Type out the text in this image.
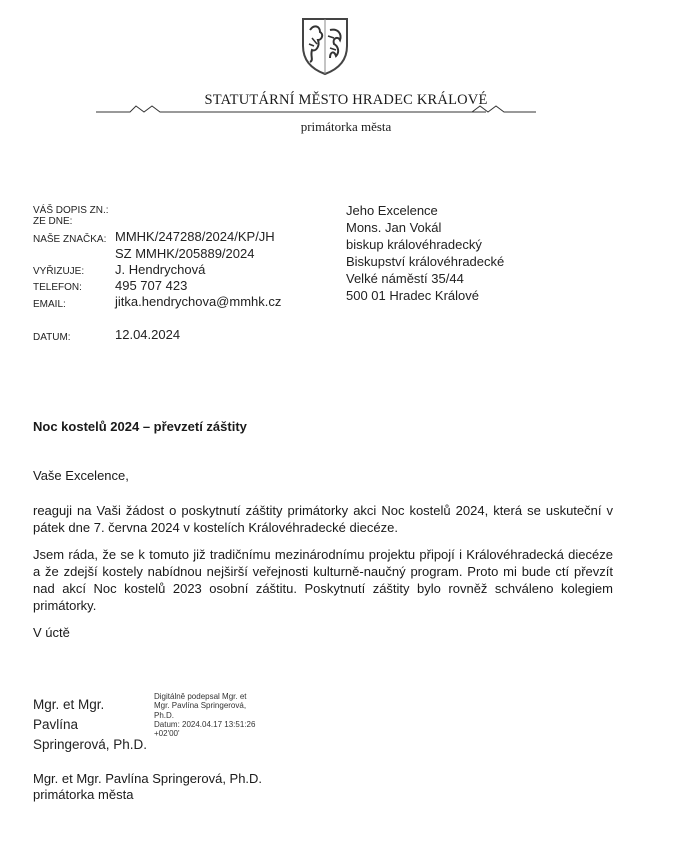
STATUTÁRNÍ MĚSTO HRADEC KRÁLOVÉ
primátorka města
VÁŠ DOPIS ZN.:
ZE DNE:
NAŠE ZNAČKA: MMHK/247288/2024/KP/JH
SZ MMHK/205889/2024
VYŘIZUJE: J. Hendrychová
TELEFON:	495 707 423
EMAIL:	jitka.hendrychova@mmhk.cz
DATUM:	12.04.2024
Jeho Excelence
Mons. Jan Vokál
biskup královéhradecký
Biskupství královéhradecké
Velké náměstí 35/44
500 01 Hradec Králové
Noc kostelů 2024 – převzetí záštity
Vaše Excelence,
reaguji na Vaši žádost o poskytnutí záštity primátorky akci Noc kostelů 2024, která se uskuteční v pátek dne 7. června 2024 v kostelích Královéhradecké diecéze.
Jsem ráda, že se k tomuto již tradičnímu mezinárodnímu projektu připojí i Královéhradecká diecéze a že zdejší kostely nabídnou nejširší veřejnosti kulturně-naučný program. Proto mi bude ctí převzít nad akcí Noc kostelů 2023 osobní záštitu. Poskytnutí záštity bylo rovněž schváleno kolegiem primátorky.
V úctě
Mgr. et Mgr.
Pavlína
Springerová, Ph.D.
Digitálně podepsal Mgr. et
Mgr. Pavlína Springerová,
Ph.D.
Datum: 2024.04.17 13:51:26
+02'00'
Mgr. et Mgr. Pavlína Springerová, Ph.D.
primátorka města
